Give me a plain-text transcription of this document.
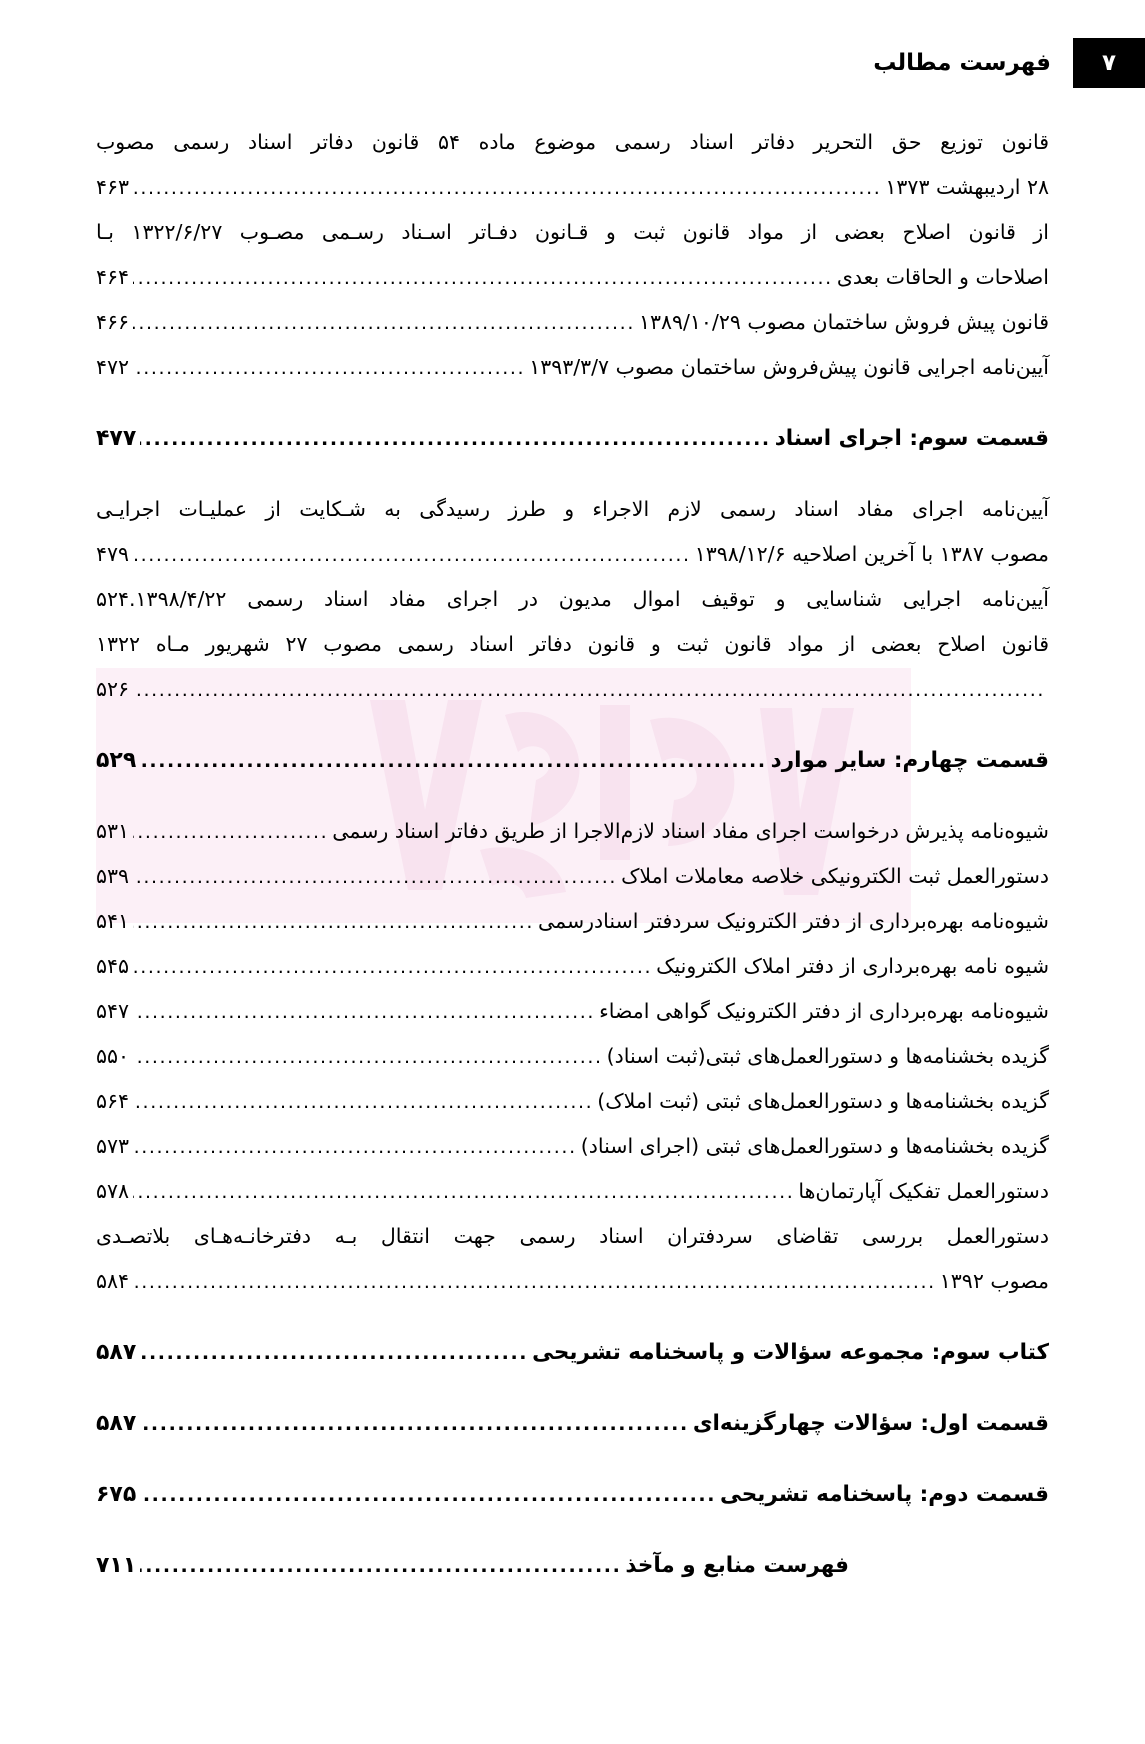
۷
فهرست مطالب
قانون توزیع حق التحریر دفاتر اسناد رسمی موضوع ماده ۵۴ قانون دفاتر اسناد رسمی مصوب
۲۸ اردیبهشت ۱۳۷۳
.....
۴۶۳
از قانون اصلاح بعضی از مواد قانون ثبت و قـانون دفـاتر اسـناد رسـمی مصـوب ۱۳۲۲/۶/۲۷ بـا
اصلاحات و الحاقات بعدی
.....
۴۶۴
قانون پیش فروش ساختمان مصوب ۱۳۸۹/۱۰/۲۹
.....
۴۶۶
آیین‌نامه اجرایی قانون پیش‌فروش ساختمان مصوب ۱۳۹۳/۳/۷
.....
۴۷۲
قسمت سوم: اجرای اسناد
.....
۴۷۷
آیین‌نامه اجرای مفاد اسناد رسمی لازم الاجراء و طرز رسیدگی به شـکایت از عملیـات اجرایـی
مصوب ۱۳۸۷ با آخرین اصلاحیه ۱۳۹۸/۱۲/۶
.....
۴۷۹
آیین‌نامه اجرایی شناسایی و توقیف اموال مدیون در اجرای مفاد اسناد رسمی ۵۲۴.۱۳۹۸/۴/۲۲
قانون اصلاح بعضی از مواد قانون ثبت و قانون دفاتر اسناد رسمی مصوب ۲۷ شهریور مـاه ۱۳۲۲
.....
۵۲۶
قسمت چهارم: سایر موارد
.....
۵۲۹
شیوه‌نامه پذیرش درخواست اجرای مفاد اسناد لازم‌الاجرا از طریق دفاتر اسناد رسمی
.....
۵۳۱
دستورالعمل ثبت الکترونیکی خلاصه معاملات املاک
.....
۵۳۹
شیوه‌نامه بهره‌برداری از دفتر الکترونیک سردفتر اسنادرسمی
.....
۵۴۱
شیوه نامه بهره‌برداری از دفتر املاک الکترونیک
.....
۵۴۵
شیوه‌نامه بهره‌برداری از دفتر الکترونیک گواهی امضاء
.....
۵۴۷
گزیده بخشنامه‌ها و دستورالعمل‌های ثبتی(ثبت اسناد)
.....
۵۵۰
گزیده بخشنامه‌ها و دستورالعمل‌های ثبتی (ثبت املاک)
.....
۵۶۴
گزیده بخشنامه‌ها و دستورالعمل‌های ثبتی (اجرای اسناد)
.....
۵۷۳
دستورالعمل تفکیک آپارتمان‌ها
.....
۵۷۸
دستورالعمل بررسی تقاضای سردفتران اسناد رسمی جهت انتقال بـه دفترخانـه‌هـای بلاتصـدی
مصوب ۱۳۹۲
.....
۵۸۴
کتاب سوم: مجموعه سؤالات و پاسخنامه تشریحی
.....
۵۸۷
قسمت اول: سؤالات چهارگزینه‌ای
.....
۵۸۷
قسمت دوم: پاسخنامه تشریحی
.....
۶۷۵
فهرست منابع و مآخذ
.....
۷۱۱
